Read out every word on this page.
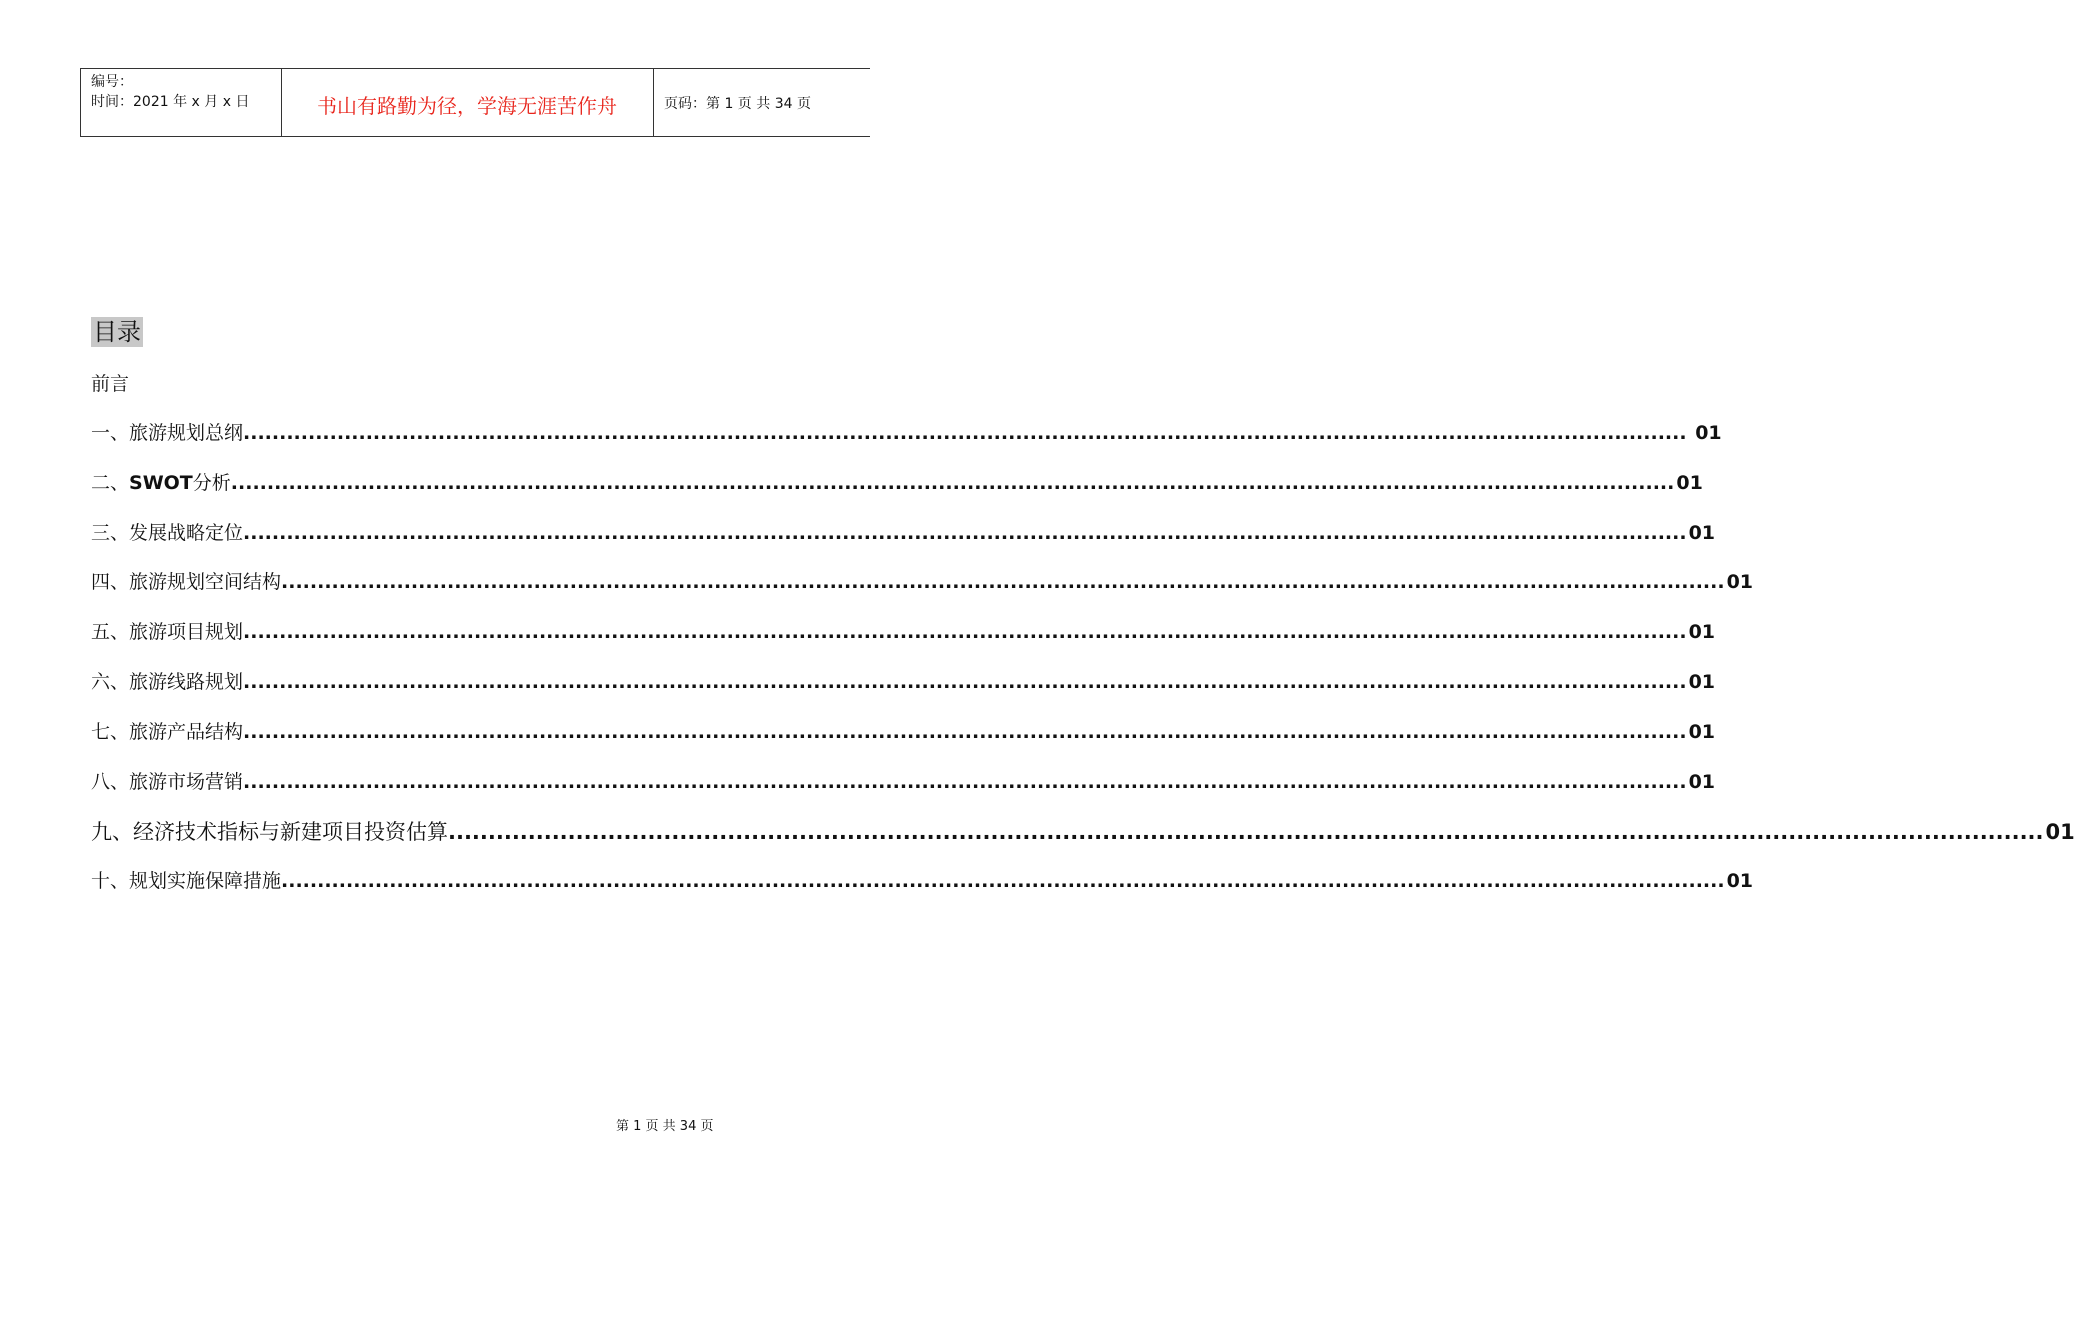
编号：
时间：2021 年 x 月 x 日	书山有路勤为径，学海无涯苦作舟	页码：第 1 页 共 34 页
目录
前言
一、旅游规划总纲 ........................................................................................................................................................................................................ 01
二、SWOT分析 ........................................................................................................................................................................................................ 01
三、发展战略定位 ........................................................................................................................................................................................................ 01
四、旅游规划空间结构 ........................................................................................................................................................................................................ 01
五、旅游项目规划 ........................................................................................................................................................................................................ 01
六、旅游线路规划 ........................................................................................................................................................................................................ 01
七、旅游产品结构 ........................................................................................................................................................................................................ 01
八、旅游市场营销 ........................................................................................................................................................................................................ 01
九、经济技术指标与新建项目投资估算 ........................................................................................................................................................................................................ 01
十、规划实施保障措施 ........................................................................................................................................................................................................ 01
第 1 页 共 34 页
